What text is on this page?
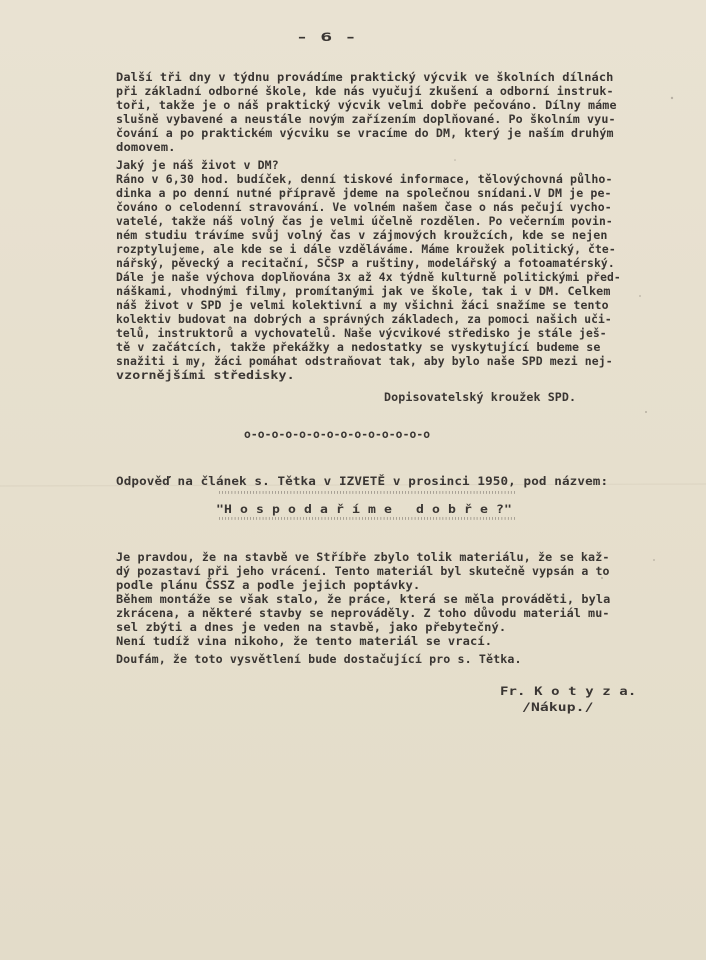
- 6 -
Další tři dny v týdnu provádíme praktický výcvik ve školních dílnách
při základní odborné škole, kde nás vyučují zkušení a odborní instruk-
toři, takže je o náš praktický výcvik velmi dobře pečováno. Dílny máme
slušně vybavené a neustále novým zařízením doplňované. Po školním vyu-
čování a po praktickém výcviku se vracíme do DM, který je naším druhým
domovem.
Jaký je náš život v DM?
Ráno v 6,30 hod. budíček, denní tiskové informace, tělovýchovná půlho-
dinka a po denní nutné přípravě jdeme na společnou snídani.V DM je pe-
čováno o celodenní stravování. Ve volném našem čase o nás pečují vycho-
vatelé, takže náš volný čas je velmi účelně rozdělen. Po večerním povin-
ném studiu trávíme svůj volný čas v zájmových kroužcích, kde se nejen
rozptylujeme, ale kde se i dále vzděláváme. Máme kroužek politický, čte-
nářský, pěvecký a recitační, SČSP a ruštiny, modelářský a fotoamatérský.
Dále je naše výchova doplňována 3x až 4x týdně kulturně politickými před-
náškami, vhodnými filmy, promítanými jak ve škole, tak i v DM. Celkem
náš život v SPD je velmi kolektivní a my všichni žáci snažíme se tento
kolektiv budovat na dobrých a správných základech, za pomoci našich uči-
telů, instruktorů a vychovatelů. Naše výcvikové středisko je stále ješ-
tě v začátcích, takže překážky a nedostatky se vyskytující budeme se
snažiti i my, žáci pomáhat odstraňovat tak, aby bylo naše SPD mezi nej-
vzornějšími středisky.
Dopisovatelský kroužek SPD.
o-o-o-o-o-o-o-o-o-o-o-o-o-o
Odpověď na článek s. Tětka v IZVETĚ v prosinci 1950, pod názvem:
''''''''''''''''''''''''''''''''''''''''''''''''''''''''''''''''''''''''''''''''''''''''''''''''
"H o s p o d a ř í m e   d o b ř e ?"
''''''''''''''''''''''''''''''''''''''''''''''''''''''''''''''''''''''''''''''''''''''''''''''''
Je pravdou, že na stavbě ve Stříbře zbylo tolik materiálu, že se kaž-
dý pozastaví při jeho vrácení. Tento materiál byl skutečně vypsán a to
podle plánu ČSSZ a podle jejich poptávky.
Během montáže se však stalo, že práce, která se měla prováděti, byla
zkrácena, a některé stavby se neprováděly. Z toho důvodu materiál mu-
sel zbýti a dnes je veden na stavbě, jako přebytečný.
Není tudíž vina nikoho, že tento materiál se vrací.
Doufám, že toto vysvětlení bude dostačující pro s. Tětka.
Fr. K o t y z a.
/Nákup./
